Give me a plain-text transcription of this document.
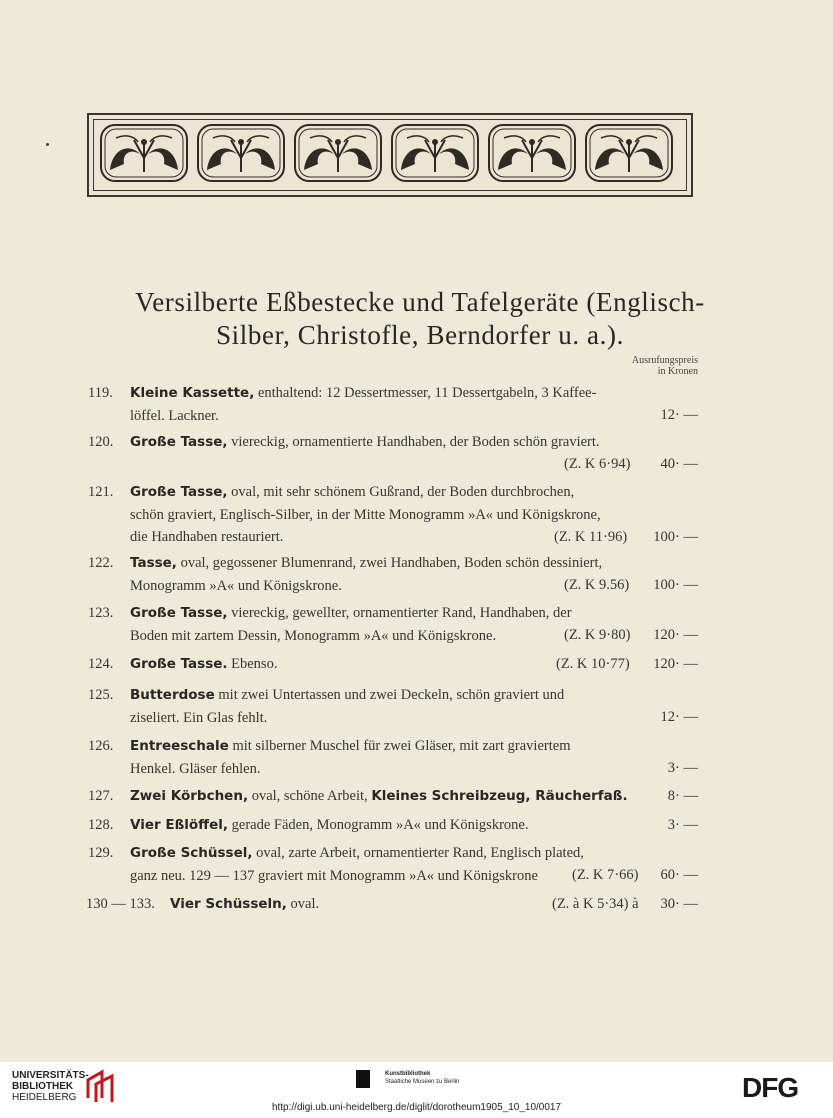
Versilberte Eßbestecke und Tafelgeräte (Englisch-
Silber, Christofle, Berndorfer u. a.).
Ausrufungspreis
in Kronen
119. Kleine Kassette, enthaltend: 12 Dessertmesser, 11 Dessertgabeln, 3 Kaffee-
löffel. Lackner.	12· —
120. Große Tasse, viereckig, ornamentierte Handhaben, der Boden schön graviert.
(Z. K 6·94)	40· —
121. Große Tasse, oval, mit sehr schönem Gußrand, der Boden durchbrochen,
schön graviert, Englisch-Silber, in der Mitte Monogramm »A« und Königskrone,
die Handhaben restauriert.	(Z. K 11·96)	100· —
122. Tasse, oval, gegossener Blumenrand, zwei Handhaben, Boden schön dessiniert,
Monogramm »A« und Königskrone.	(Z. K 9.56)	100· —
123. Große Tasse, viereckig, gewellter, ornamentierter Rand, Handhaben, der
Boden mit zartem Dessin, Monogramm »A« und Königskrone.	(Z. K 9·80)	120· —
124. Große Tasse. Ebenso.	(Z. K 10·77)	120· —
125. Butterdose mit zwei Untertassen und zwei Deckeln, schön graviert und
ziseliert. Ein Glas fehlt.	12· —
126. Entreeschale mit silberner Muschel für zwei Gläser, mit zart graviertem
Henkel. Gläser fehlen.	3· —
127. Zwei Körbchen, oval, schöne Arbeit, Kleines Schreibzeug, Räucherfaß.	8· —
128. Vier Eßlöffel, gerade Fäden, Monogramm »A« und Königskrone.	3· —
129. Große Schüssel, oval, zarte Arbeit, ornamentierter Rand, Englisch plated,
ganz neu. 129 — 137 graviert mit Monogramm »A« und Königskrone	(Z. K 7·66)	60· —
130 — 133. Vier Schüsseln, oval.	(Z. à K 5·34) à 30· —
UNIVERSITÄTS-
BIBLIOTHEK
HEIDELBERG
Kunstbibliothek
Staatliche Museen zu Berlin	DFG
http://digi.ub.uni-heidelberg.de/diglit/dorotheum1905_10_10/0017
